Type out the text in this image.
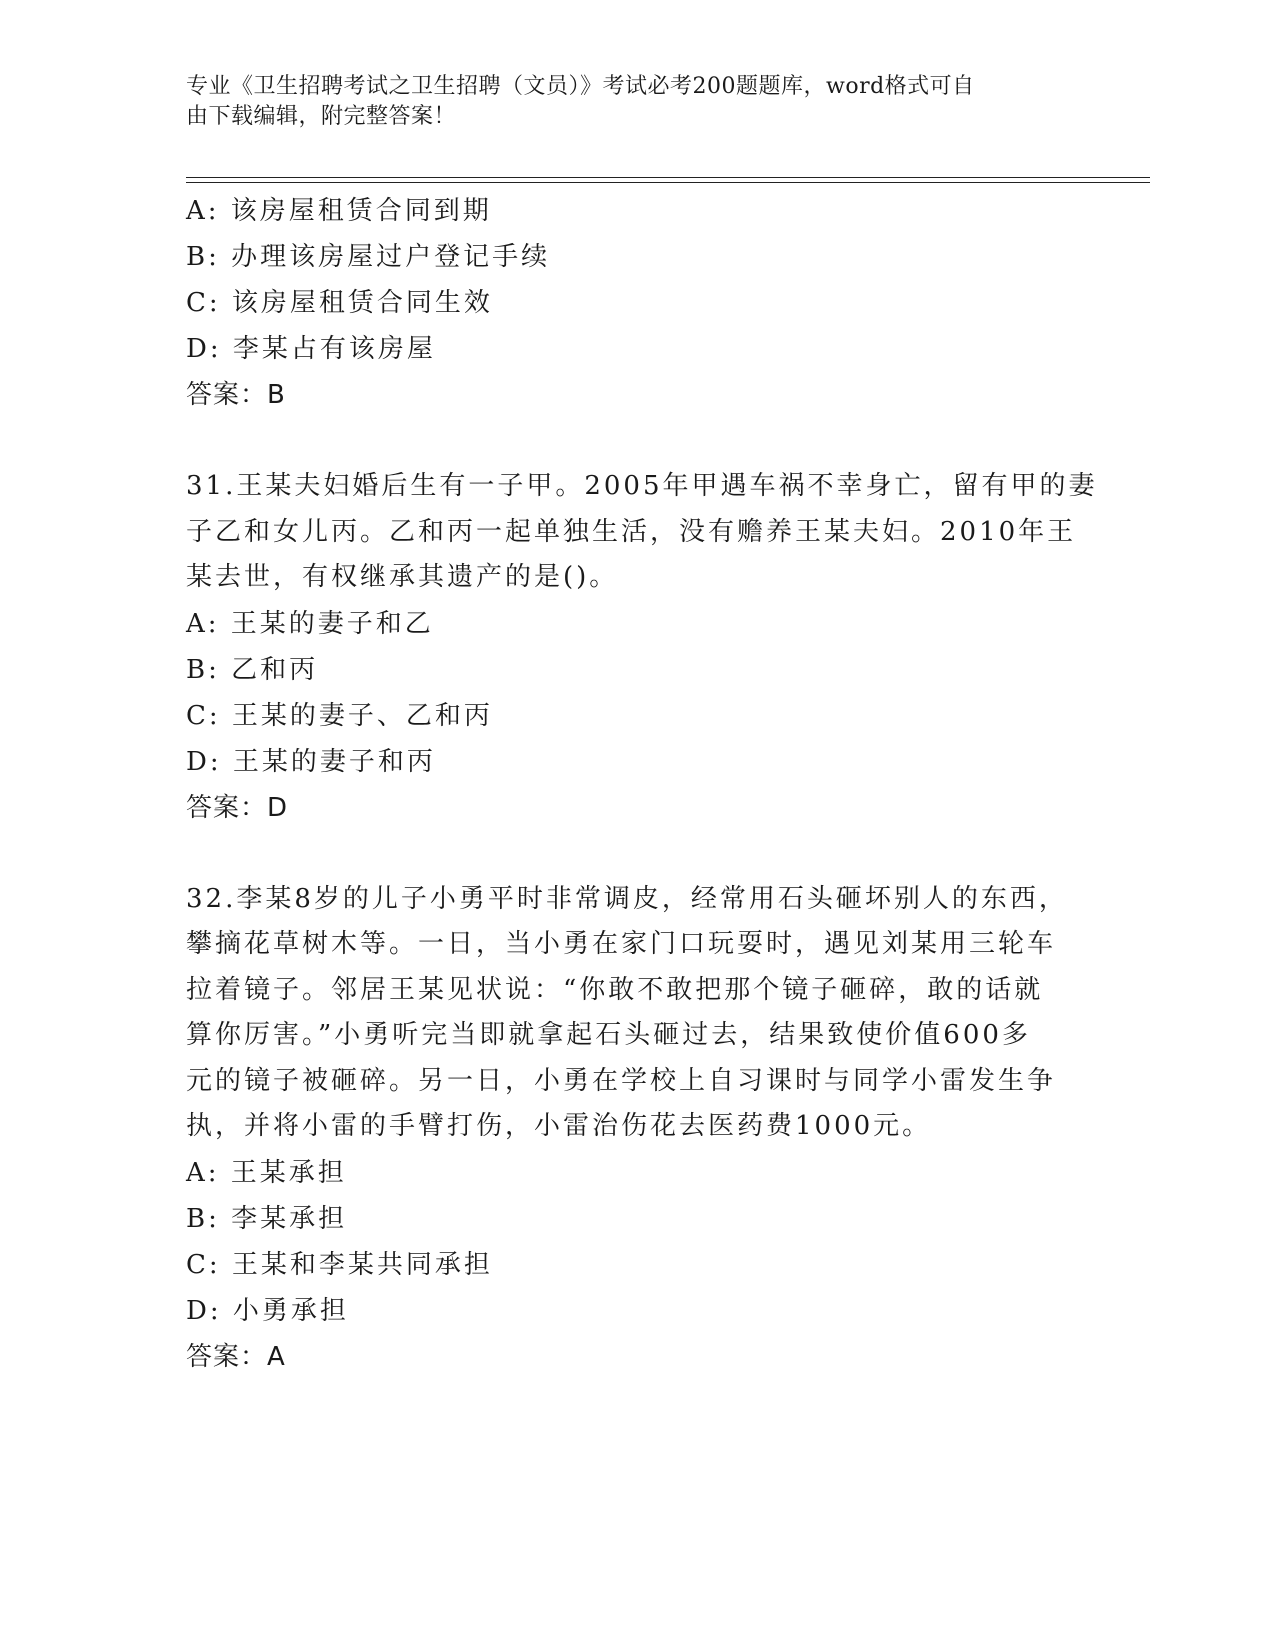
专业《卫生招聘考试之卫生招聘（文员）》考试必考200题题库，word格式可自
由下载编辑，附完整答案！
A: 该房屋租赁合同到期
B: 办理该房屋过户登记手续
C: 该房屋租赁合同生效
D: 李某占有该房屋
答案：B
31.王某夫妇婚后生有一子甲。2005年甲遇车祸不幸身亡，留有甲的妻
子乙和女儿丙。乙和丙一起单独生活，没有赡养王某夫妇。2010年王
某去世，有权继承其遗产的是()。
A: 王某的妻子和乙
B: 乙和丙
C: 王某的妻子、乙和丙
D: 王某的妻子和丙
答案：D
32.李某8岁的儿子小勇平时非常调皮，经常用石头砸坏别人的东西，
攀摘花草树木等。一日，当小勇在家门口玩耍时，遇见刘某用三轮车
拉着镜子。邻居王某见状说：“你敢不敢把那个镜子砸碎，敢的话就
算你厉害。”小勇听完当即就拿起石头砸过去，结果致使价值600多
元的镜子被砸碎。另一日，小勇在学校上自习课时与同学小雷发生争
执，并将小雷的手臂打伤，小雷治伤花去医药费1000元。
A: 王某承担
B: 李某承担
C: 王某和李某共同承担
D: 小勇承担
答案：A
